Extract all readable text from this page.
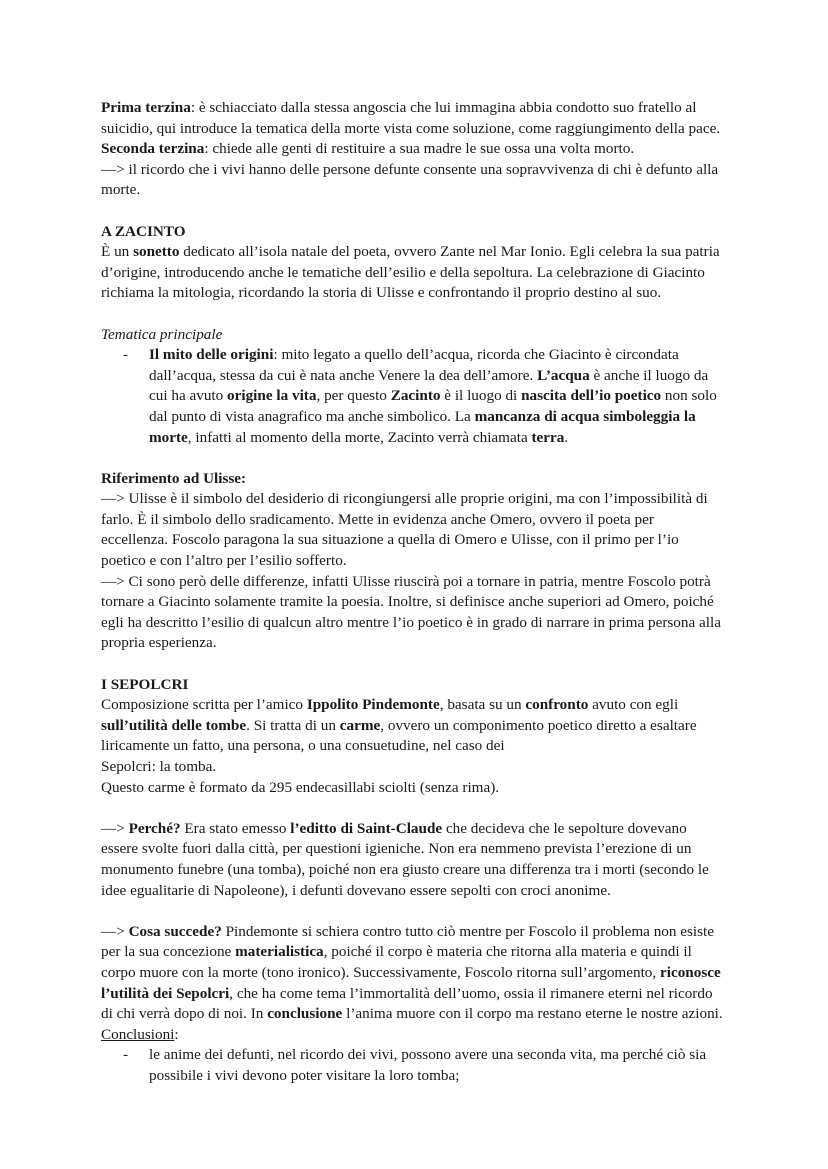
Prima terzina: è schiacciato dalla stessa angoscia che lui immagina abbia condotto suo fratello al

suicidio, qui introduce la tematica della morte vista come soluzione, come raggiungimento della pace.

Seconda terzina: chiede alle genti di restituire a sua madre le sue ossa una volta morto.

—> il ricordo che i vivi hanno delle persone defunte consente una sopravvivenza di chi è defunto alla

morte.

A ZACINTO

È un sonetto dedicato all’isola natale del poeta, ovvero Zante nel Mar Ionio. Egli celebra la sua patria

d’origine, introducendo anche le tematiche dell’esilio e della sepoltura. La celebrazione di Giacinto

richiama la mitologia, ricordando la storia di Ulisse e confrontando il proprio destino al suo.

Tematica principale

- Il mito delle origini: mito legato a quello dell’acqua, ricorda che Giacinto è circondata

dall’acqua, stessa da cui è nata anche Venere la dea dell’amore. L’acqua è anche il luogo da

cui ha avuto origine la vita, per questo Zacinto è il luogo di nascita dell’io poetico non solo

dal punto di vista anagrafico ma anche simbolico. La mancanza di acqua simboleggia la

morte, infatti al momento della morte, Zacinto verrà chiamata terra.

Riferimento ad Ulisse:

—> Ulisse è il simbolo del desiderio di ricongiungersi alle proprie origini, ma con l’impossibilità di

farlo. È il simbolo dello sradicamento. Mette in evidenza anche Omero, ovvero il poeta per

eccellenza. Foscolo paragona la sua situazione a quella di Omero e Ulisse, con il primo per l’io

poetico e con l’altro per l’esilio sofferto.

—> Ci sono però delle differenze, infatti Ulisse riuscirà poi a tornare in patria, mentre Foscolo potrà

tornare a Giacinto solamente tramite la poesia. Inoltre, si definisce anche superiori ad Omero, poiché

egli ha descritto l’esilio di qualcun altro mentre l’io poetico è in grado di narrare in prima persona alla

propria esperienza.

I SEPOLCRI

Composizione scritta per l’amico Ippolito Pindemonte, basata su un confronto avuto con egli

sull’utilità delle tombe. Si tratta di un carme, ovvero un componimento poetico diretto a esaltare

liricamente un fatto, una persona, o una consuetudine, nel caso dei

Sepolcri: la tomba.

Questo carme è formato da 295 endecasillabi sciolti (senza rima).

—> Perché? Era stato emesso l’editto di Saint-Claude che decideva che le sepolture dovevano

essere svolte fuori dalla città, per questioni igieniche. Non era nemmeno prevista l’erezione di un

monumento funebre (una tomba), poiché non era giusto creare una differenza tra i morti (secondo le

idee egualitarie di Napoleone), i defunti dovevano essere sepolti con croci anonime.

—> Cosa succede? Pindemonte si schiera contro tutto ciò mentre per Foscolo il problema non esiste

per la sua concezione materialistica, poiché il corpo è materia che ritorna alla materia e quindi il

corpo muore con la morte (tono ironico). Successivamente, Foscolo ritorna sull’argomento, riconosce

l’utilità dei Sepolcri, che ha come tema l’immortalità dell’uomo, ossia il rimanere eterni nel ricordo

di chi verrà dopo di noi. In conclusione l’anima muore con il corpo ma restano eterne le nostre azioni.

Conclusioni:

- le anime dei defunti, nel ricordo dei vivi, possono avere una seconda vita, ma perché ciò sia

possibile i vivi devono poter visitare la loro tomba;
